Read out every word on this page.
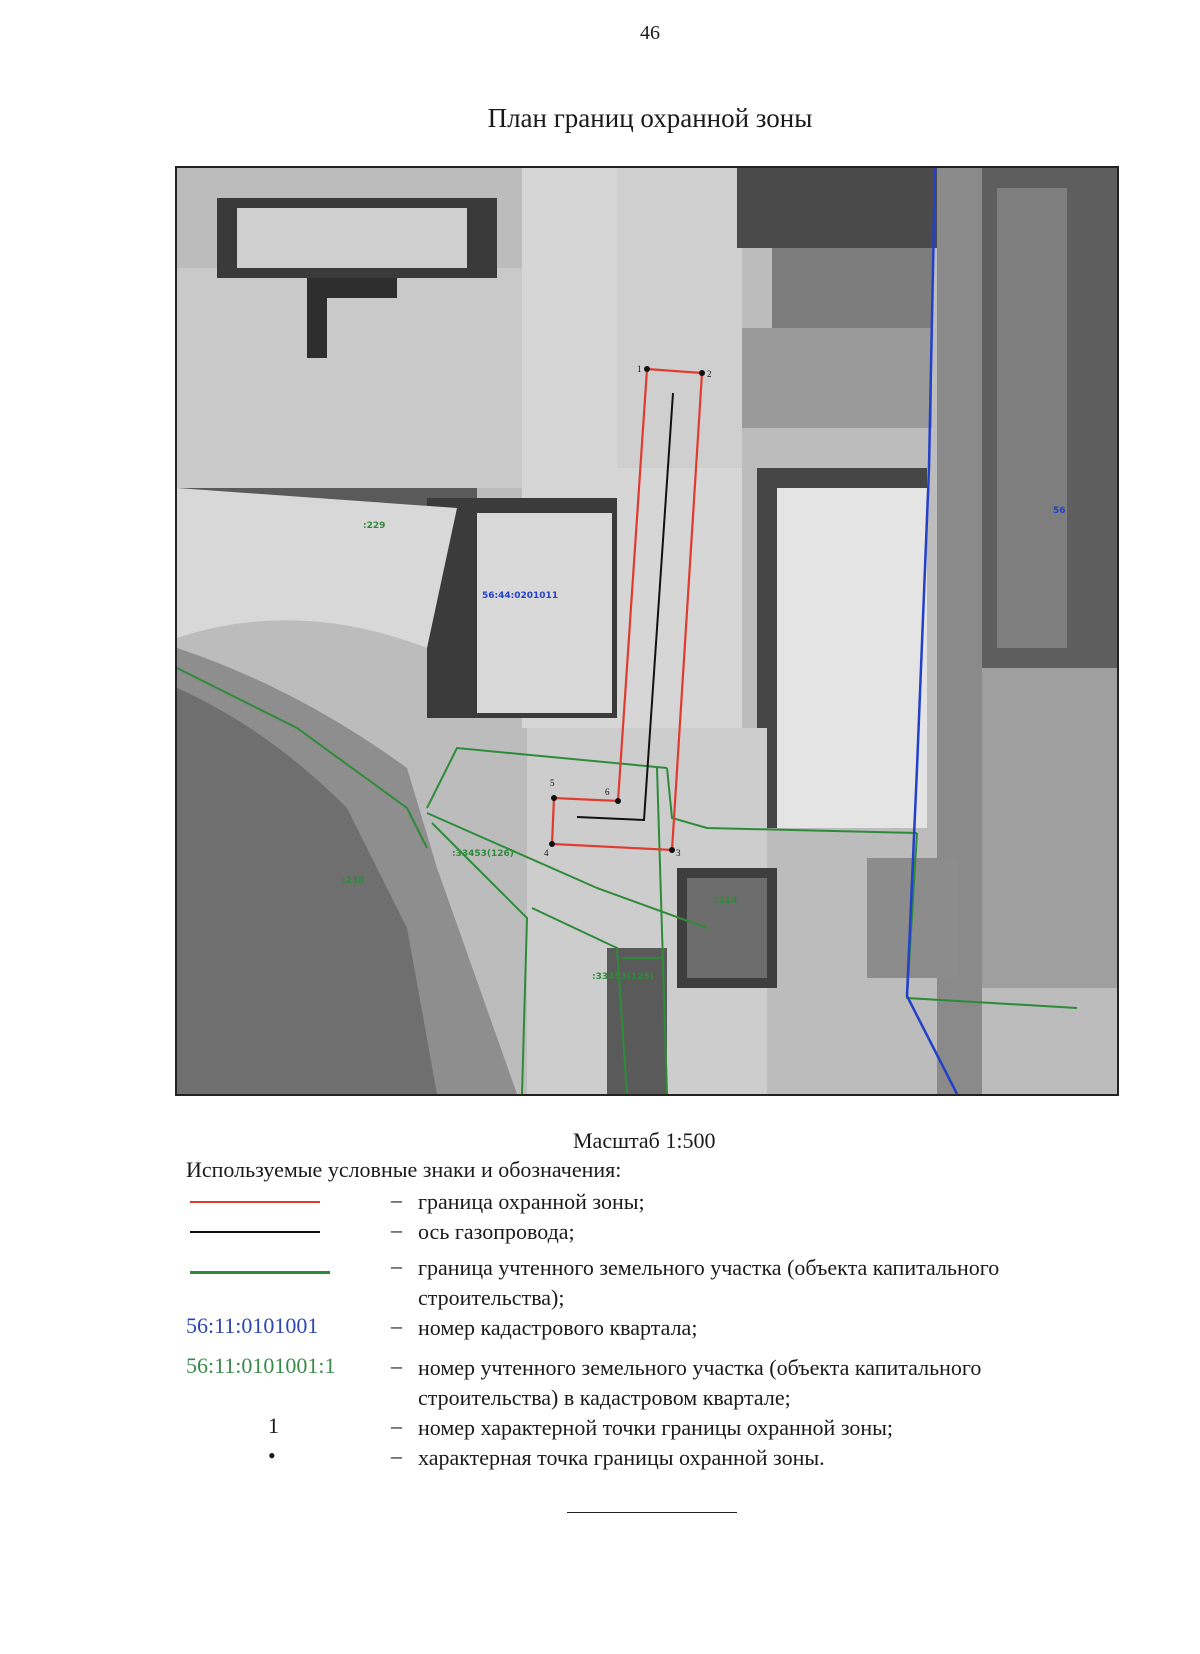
46
План границ охранной зоны
1	2
3
4
5
6
:229
:238
:33453(126)
:214
:33453(125)
56:44:0201011
56
Масштаб 1:500
Используемые условные знаки и обозначения:
– граница охранной зоны;
– ось газопровода;
– граница учтенного земельного участка (объекта капитального строительства);
56:11:0101001	– номер кадастрового квартала;
56:11:0101001:1	– номер учтенного земельного участка (объекта капитального строительства) в кадастровом квартале;
1	– номер характерной точки границы охранной зоны;
•	– характерная точка границы охранной зоны.
